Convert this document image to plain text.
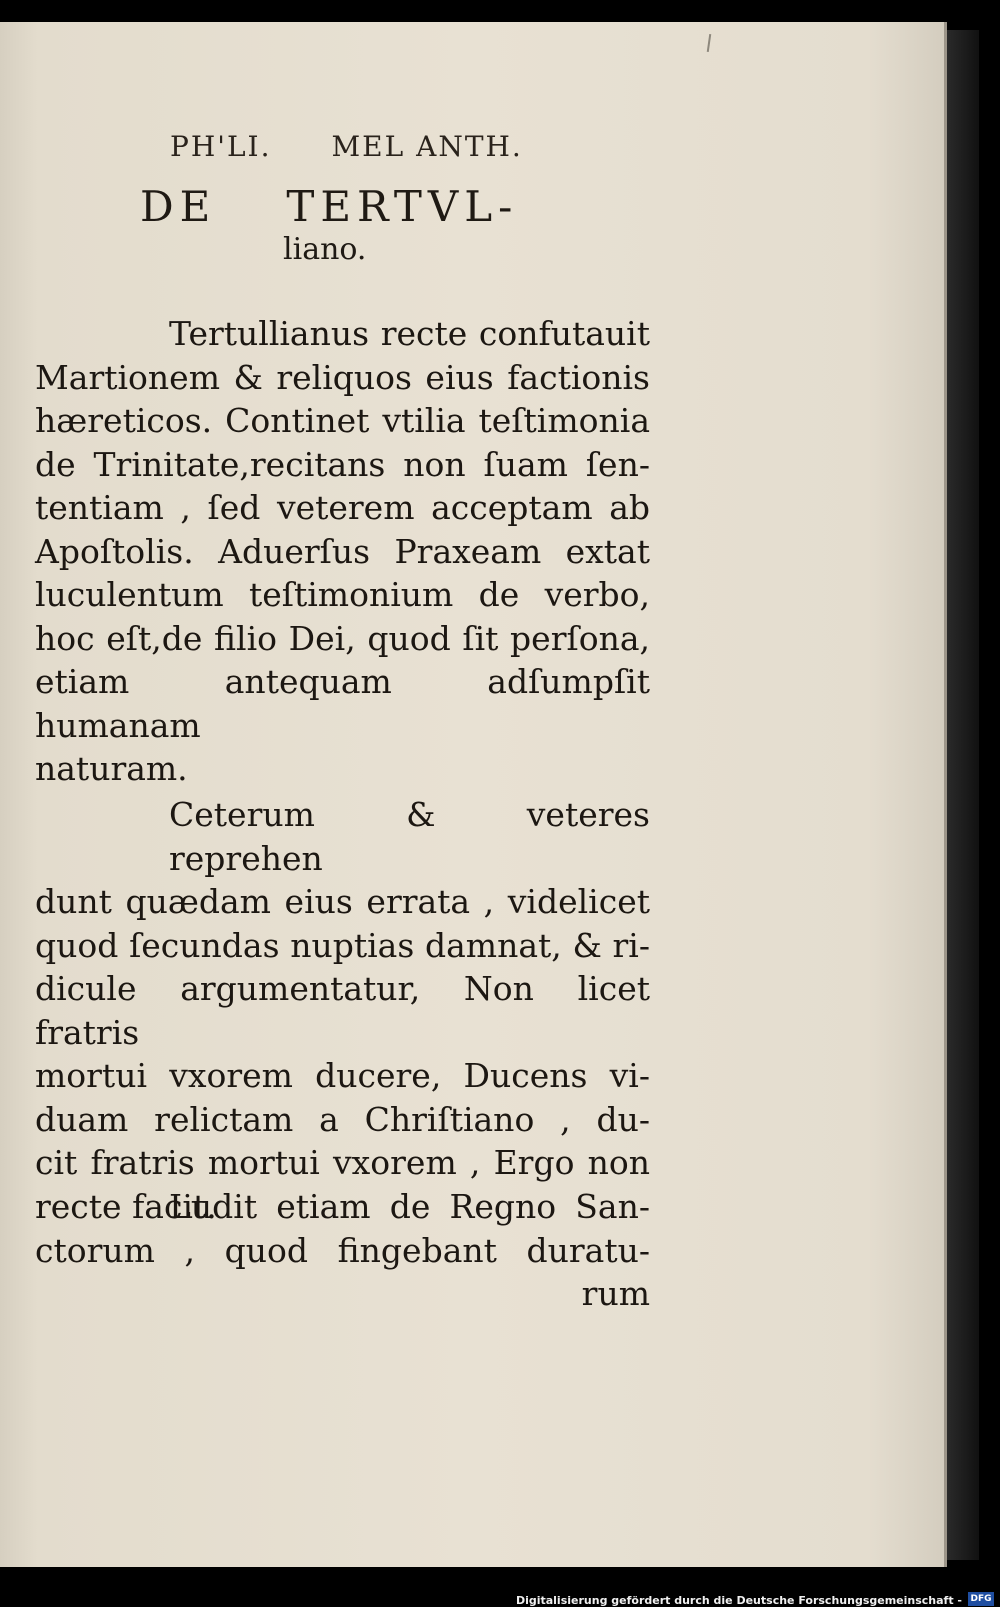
PH'LI. MEL ANTH.
DE TERTVL-
liano.

Tertullianus recte confutauit
Martionem & reliquos eius factionis
hæreticos. Continet vtilia teſtimonia
de Trinitate,recitans non ſuam ſen-
tentiam , ſed veterem acceptam ab
Apoſtolis. Aduerſus Praxeam extat
luculentum teſtimonium de verbo,
hoc eſt,de filio Dei, quod ſit perſona,
etiam antequam adſumpſit humanam
naturam.

Ceterum & veteres reprehen
dunt quædam eius errata , videlicet
quod ſecundas nuptias damnat, & ri-
dicule argumentatur, Non licet fratris
mortui vxorem ducere, Ducens vi-
duam relictam a Chriſtiano , du-
cit fratris mortui vxorem , Ergo non
recte facit.

Ludit etiam de Regno San-
ctorum , quod fingebant duratu-
rum

Digitalisierung gefördert durch die Deutsche Forschungsgemeinschaft - DFG
